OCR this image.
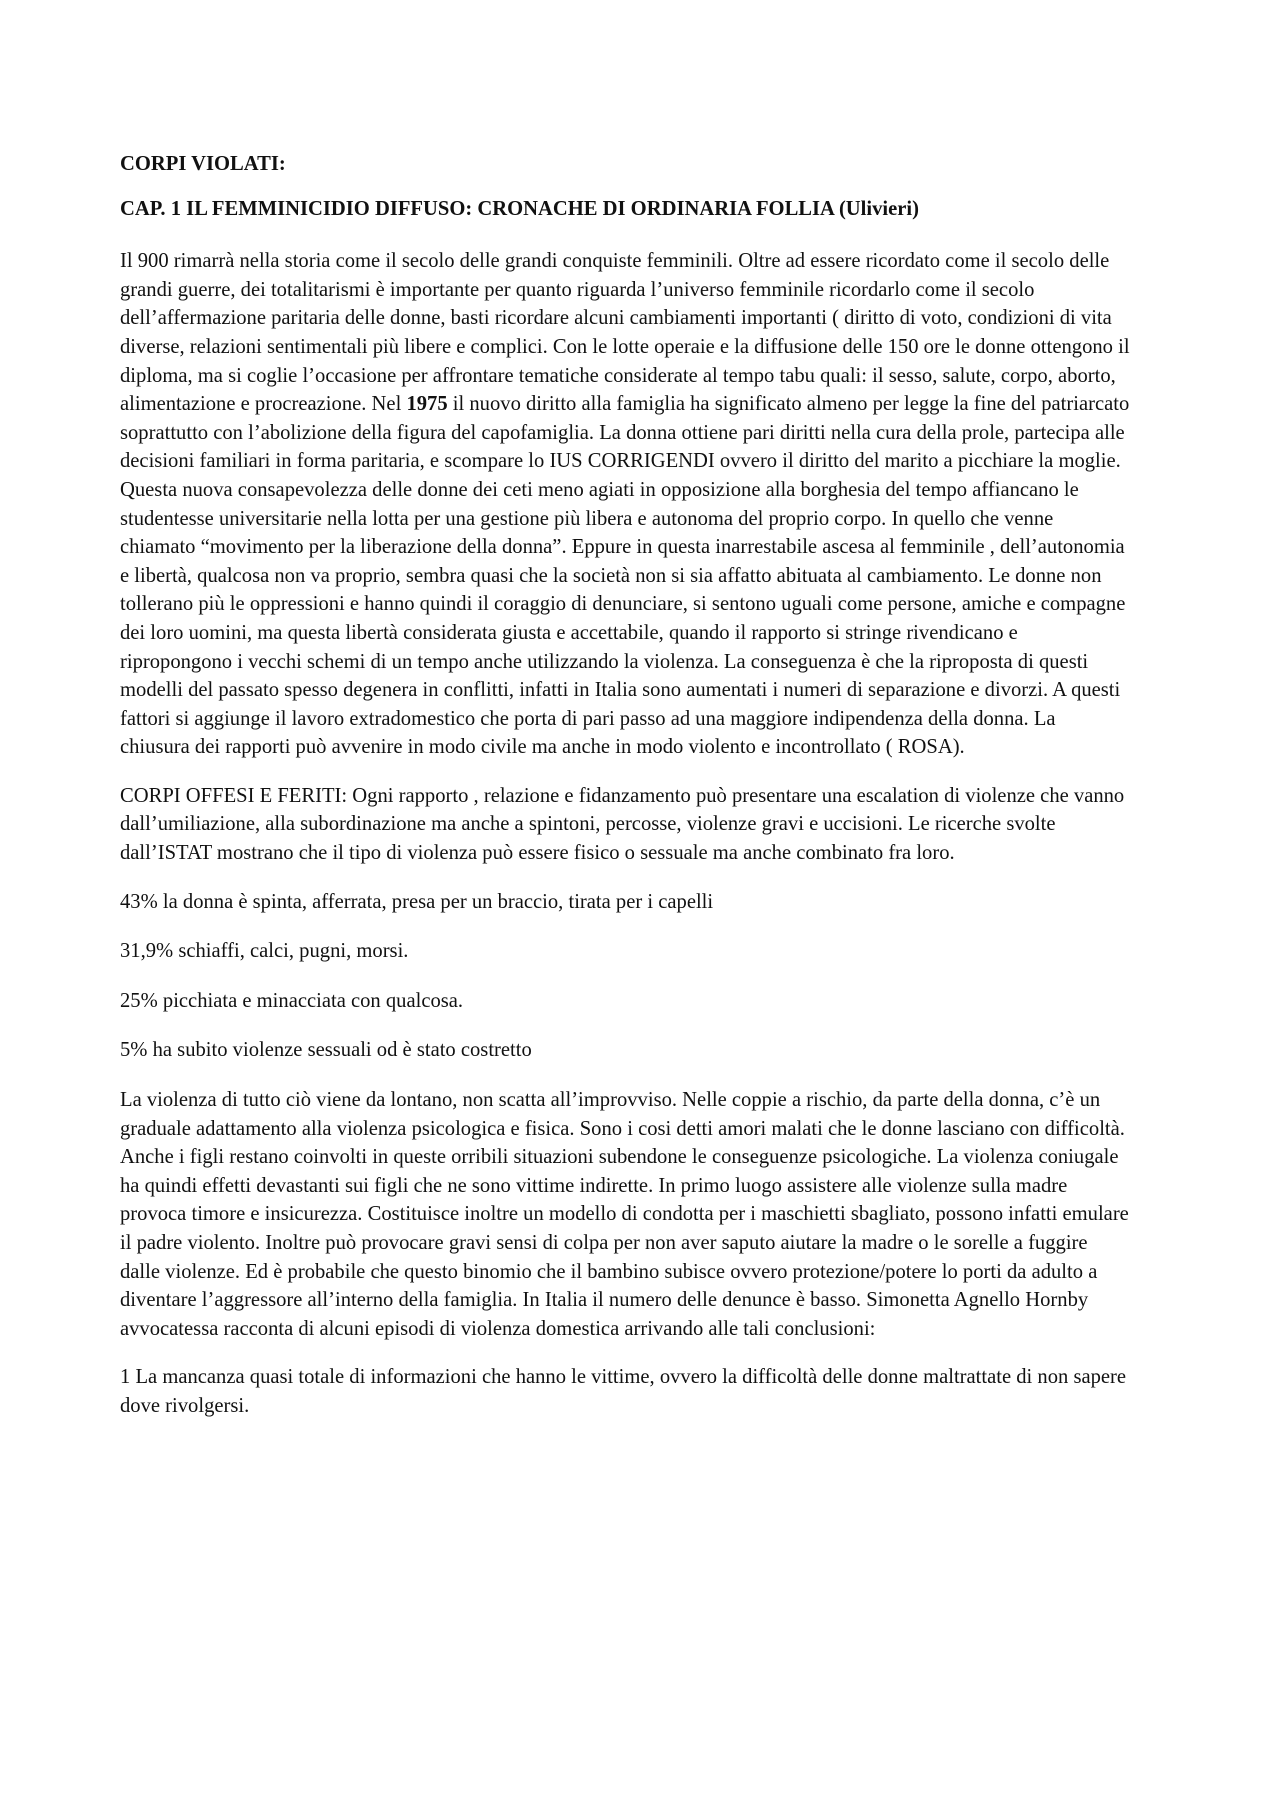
CORPI VIOLATI:

CAP. 1 IL FEMMINICIDIO DIFFUSO: CRONACHE DI ORDINARIA FOLLIA (Ulivieri)

Il 900 rimarrà nella storia come il secolo delle grandi conquiste femminili. Oltre ad essere ricordato come il secolo delle grandi guerre, dei totalitarismi è importante per quanto riguarda l’universo femminile ricordarlo come il secolo dell’affermazione paritaria delle donne, basti ricordare alcuni cambiamenti importanti ( diritto di voto, condizioni di vita diverse, relazioni sentimentali più libere e complici. Con le lotte operaie e la diffusione delle 150 ore le donne ottengono il diploma, ma si coglie l’occasione per affrontare tematiche considerate al tempo tabu quali: il sesso, salute, corpo, aborto, alimentazione e procreazione. Nel 1975 il nuovo diritto alla famiglia ha significato almeno per legge la fine del patriarcato soprattutto con l’abolizione della figura del capofamiglia. La donna ottiene pari diritti nella cura della prole, partecipa alle decisioni familiari in forma paritaria, e scompare lo IUS CORRIGENDI ovvero il diritto del marito a picchiare la moglie. Questa nuova consapevolezza delle donne dei ceti meno agiati in opposizione alla borghesia del tempo affiancano le studentesse universitarie nella lotta per una gestione più libera e autonoma del proprio corpo. In quello che venne chiamato “movimento per la liberazione della donna”. Eppure in questa inarrestabile ascesa al femminile , dell’autonomia e libertà, qualcosa non va proprio, sembra quasi che la società non si sia affatto abituata al cambiamento. Le donne non tollerano più le oppressioni e hanno quindi il coraggio di denunciare, si sentono uguali come persone, amiche e compagne dei loro uomini, ma questa libertà considerata giusta e accettabile, quando il rapporto si stringe rivendicano e ripropongono i vecchi schemi di un tempo anche utilizzando la violenza. La conseguenza è che la riproposta di questi modelli del passato spesso degenera in conflitti, infatti in Italia sono aumentati i numeri di separazione e divorzi. A questi fattori si aggiunge il lavoro extradomestico che porta di pari passo ad una maggiore indipendenza della donna. La chiusura dei rapporti può avvenire in modo civile ma anche in modo violento e incontrollato ( ROSA).

CORPI OFFESI E FERITI: Ogni rapporto , relazione e fidanzamento può presentare una escalation di violenze che vanno dall’umiliazione, alla subordinazione ma anche a spintoni, percosse, violenze gravi e uccisioni. Le ricerche svolte dall’ISTAT mostrano che il tipo di violenza può essere fisico o sessuale ma anche combinato fra loro.

43% la donna è spinta, afferrata, presa per un braccio, tirata per i capelli

31,9% schiaffi, calci, pugni, morsi.

25% picchiata e minacciata con qualcosa.

5% ha subito violenze sessuali od è stato costretto

La violenza di tutto ciò viene da lontano, non scatta all’improvviso. Nelle coppie a rischio, da parte della donna, c’è un graduale adattamento alla violenza psicologica e fisica. Sono i cosi detti amori malati che le donne lasciano con difficoltà. Anche i figli restano coinvolti in queste orribili situazioni subendone le conseguenze psicologiche. La violenza coniugale ha quindi effetti devastanti sui figli che ne sono vittime indirette. In primo luogo assistere alle violenze sulla madre provoca timore e insicurezza. Costituisce inoltre un modello di condotta per i maschietti sbagliato, possono infatti emulare il padre violento. Inoltre può provocare gravi sensi di colpa per non aver saputo aiutare la madre o le sorelle a fuggire dalle violenze. Ed è probabile che questo binomio che il bambino subisce ovvero protezione/potere lo porti da adulto a diventare l’aggressore all’interno della famiglia. In Italia il numero delle denunce è basso. Simonetta Agnello Hornby avvocatessa racconta di alcuni episodi di violenza domestica arrivando alle tali conclusioni:

1 La mancanza quasi totale di informazioni che hanno le vittime, ovvero la difficoltà delle donne maltrattate di non sapere dove rivolgersi.
